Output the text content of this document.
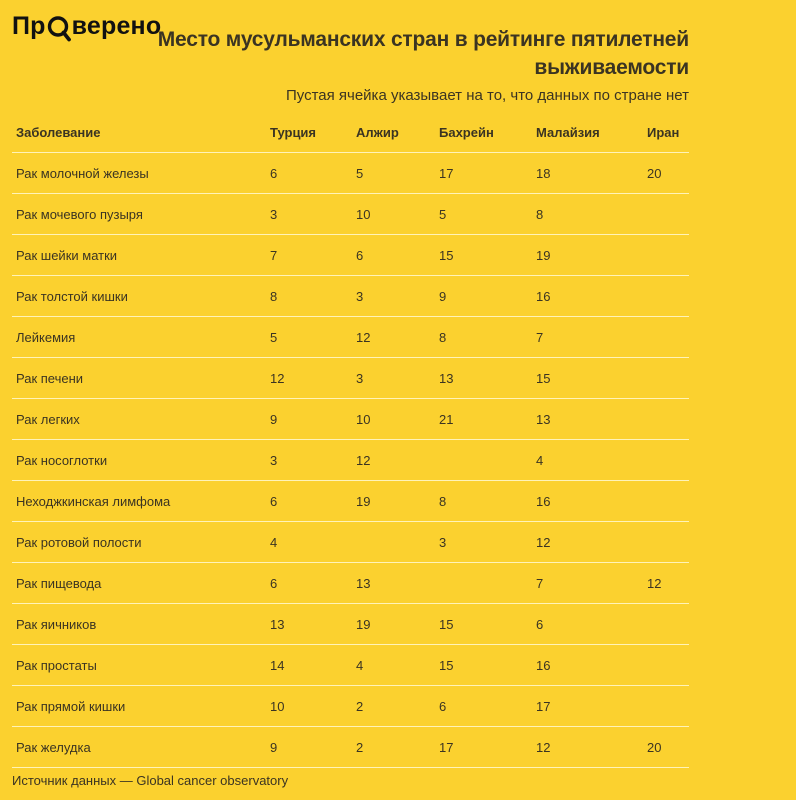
Пр верено
Место мусульманских стран в рейтинге пятилетней выживаемости
Пустая ячейка указывает на то, что данных по стране нет
Заболевание	Турция	Алжир	Бахрейн	Малайзия	Иран
Рак молочной железы	6	5	17	18	20
Рак мочевого пузыря	3	10	5	8	
Рак шейки матки	7	6	15	19	
Рак толстой кишки	8	3	9	16	
Лейкемия	5	12	8	7	
Рак печени	12	3	13	15	
Рак легких	9	10	21	13	
Рак носоглотки	3	12		4	
Неходжкинская лимфома	6	19	8	16	
Рак ротовой полости	4		3	12	
Рак пищевода	6	13		7	12
Рак яичников	13	19	15	6	
Рак простаты	14	4	15	16	
Рак прямой кишки	10	2	6	17	
Рак желудка	9	2	17	12	20
Источник данных — Global cancer observatory
